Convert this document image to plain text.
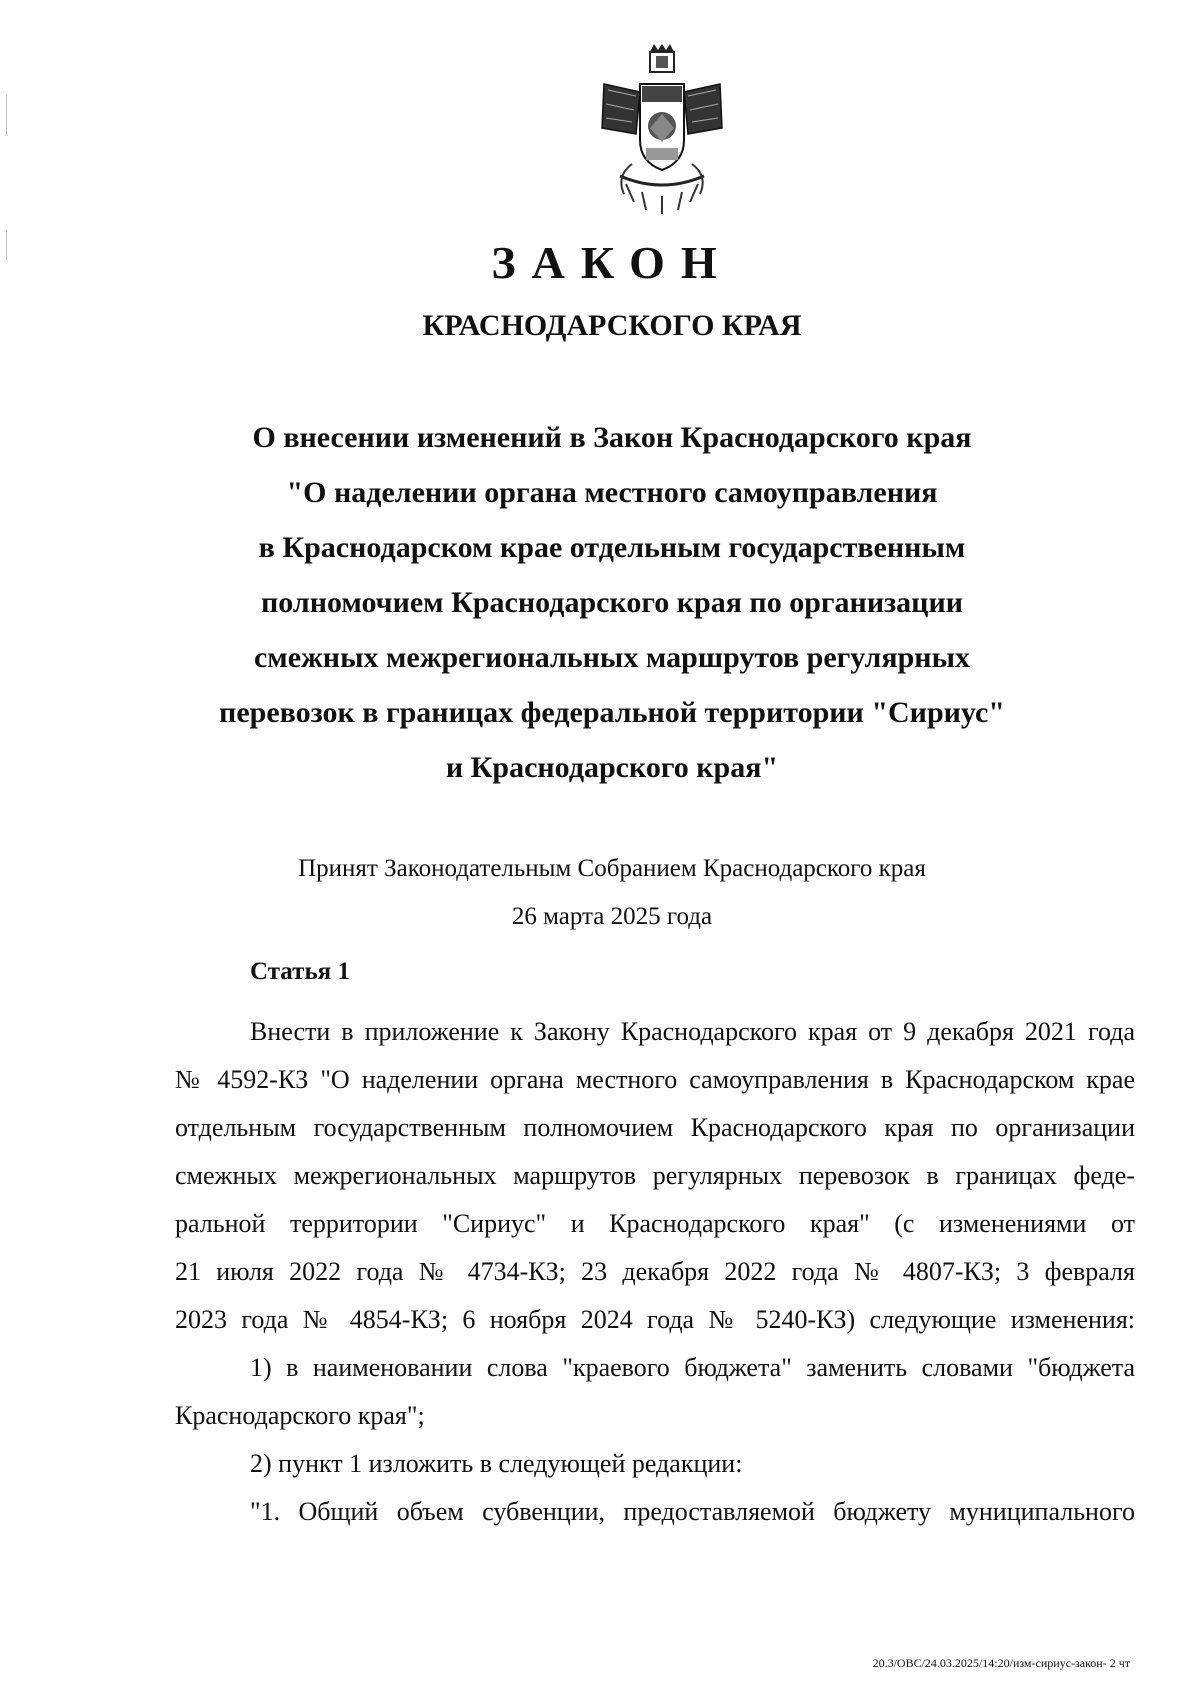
ЗАКОН
КРАСНОДАРСКОГО КРАЯ
О внесении изменений в Закон Краснодарского края
"О наделении органа местного самоуправления
в Краснодарском крае отдельным государственным
полномочием Краснодарского края по организации
смежных межрегиональных маршрутов регулярных
перевозок в границах федеральной территории "Сириус"
и Краснодарского края"
Принят Законодательным Собранием Краснодарского края
26 марта 2025 года
Статья 1
Внести в приложение к Закону Краснодарского края от 9 декабря 2021 года
№ 4592-КЗ "О наделении органа местного самоуправления в Краснодарском крае
отдельным государственным полномочием Краснодарского края по организации
смежных межрегиональных маршрутов регулярных перевозок в границах феде-
ральной территории "Сириус" и Краснодарского края" (с изменениями от
21 июля 2022 года № 4734-КЗ; 23 декабря 2022 года № 4807-КЗ; 3 февраля
2023 года № 4854-КЗ; 6 ноября 2024 года № 5240-КЗ) следующие изменения:
1) в наименовании слова "краевого бюджета" заменить словами "бюджета
Краснодарского края";
2) пункт 1 изложить в следующей редакции:
"1. Общий объем субвенции, предоставляемой бюджету муниципального
20.3/ОВС/24.03.2025/14:20/изм-сириус-закон- 2 чт
